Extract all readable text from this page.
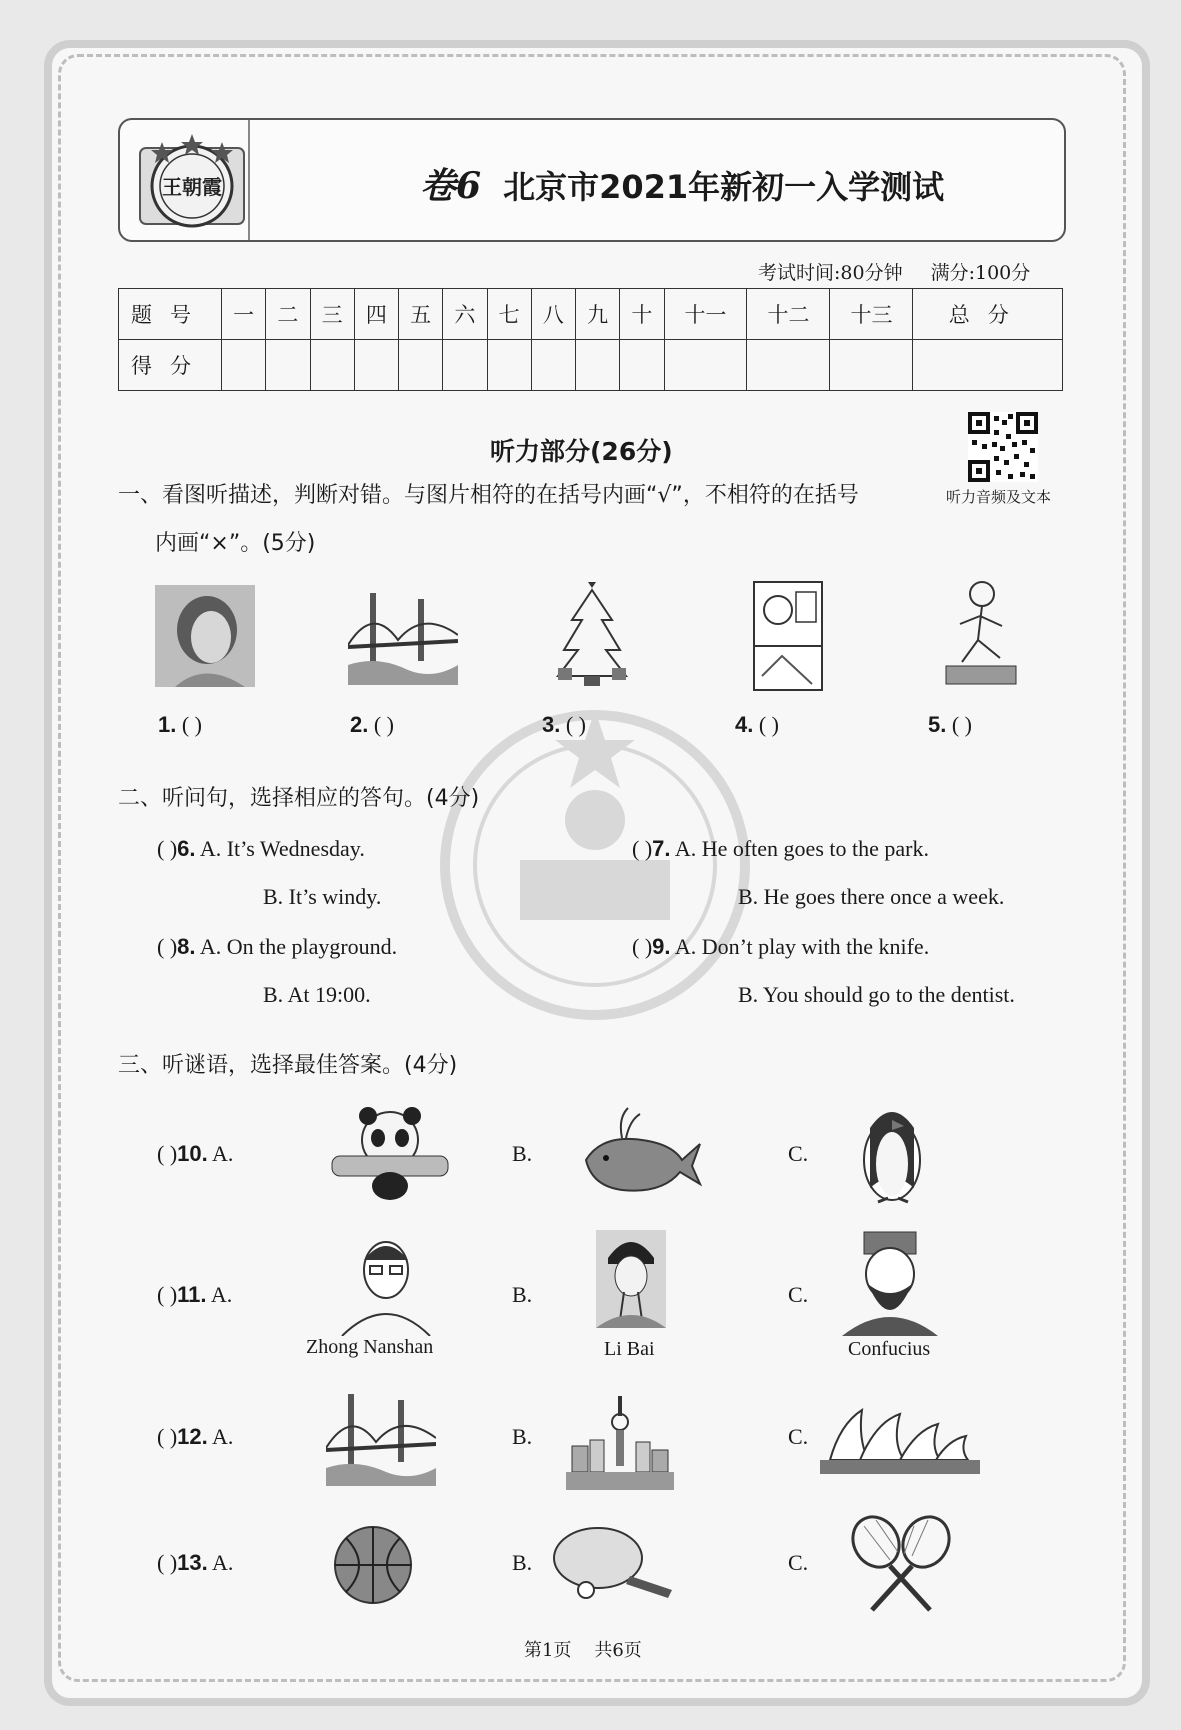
王朝霞	卷6 北京市2021年新初一入学测试
考试时间:80分钟 满分:100分
题号	一	二	三	四	五	六	七	八	九	十	十一	十二	十三	总分
得分														
听力部分(26分)
听力音频及文本
一、看图听描述，判断对错。与图片相符的在括号内画“√”，不相符的在括号
内画“×”。(5分)
1. ( )	2. ( )	3. ( )	4. ( )	5. ( )
二、听问句，选择相应的答句。(4分)
( )6. A. It’s Wednesday.
B. It’s windy.
( )7. A. He often goes to the park.
B. He goes there once a week.
( )8. A. On the playground.
B. At 19:00.
( )9. A. Don’t play with the knife.
B. You should go to the dentist.
三、听谜语，选择最佳答案。(4分)
( )10. A.	B.	C.
( )11. A.
Zhong Nanshan
B.
Li Bai
C.
Confucius
( )12. A.	B.	C.
( )13. A.	B.	C.
第1页 共6页
